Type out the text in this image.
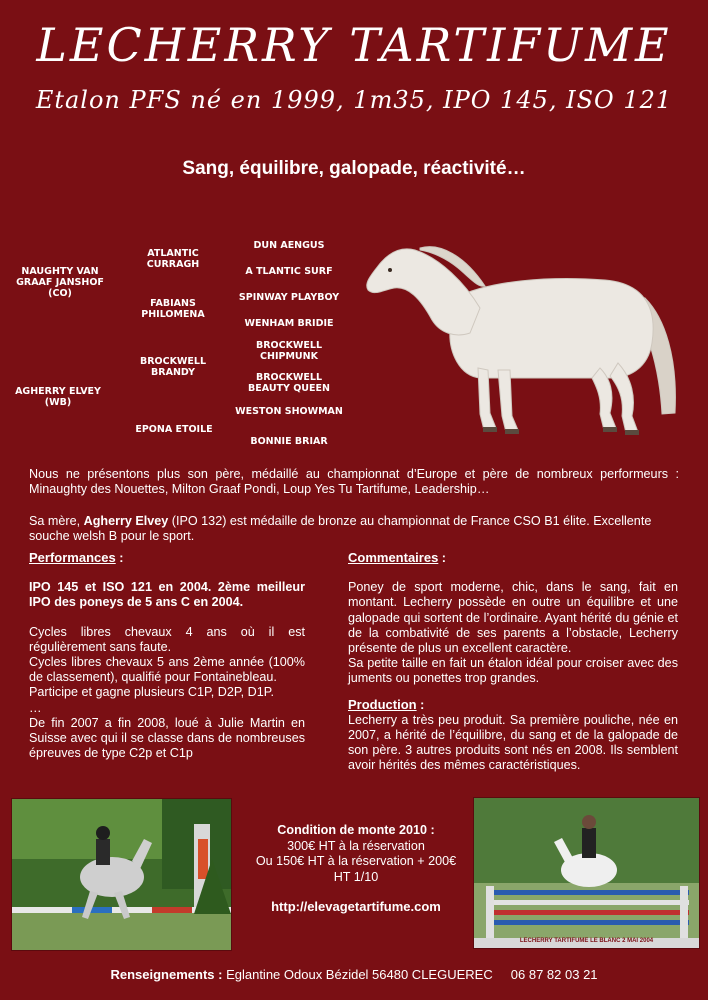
LECHERRY TARTIFUME
Etalon PFS né en 1999, 1m35, IPO 145, ISO 121
Sang, équilibre, galopade, réactivité…
NAUGHTY VAN GRAAF JANSHOF (CO)
AGHERRY ELVEY (WB)
ATLANTIC CURRAGH
FABIANS PHILOMENA
BROCKWELL BRANDY
EPONA ETOILE
DUN AENGUS
A TLANTIC SURF
SPINWAY PLAYBOY
WENHAM BRIDIE
BROCKWELL CHIPMUNK
BROCKWELL BEAUTY QUEEN
WESTON SHOWMAN
BONNIE BRIAR
Nous ne présentons plus son père, médaillé au championnat d’Europe et père de nombreux performeurs : Minaughty des Nouettes, Milton Graaf Pondi, Loup Yes Tu Tartifume, Leadership…
Sa mère, Agherry Elvey (IPO 132) est médaille de bronze au championnat de France CSO B1 élite. Excellente souche welsh B pour le sport.
Performances :
IPO 145 et ISO 121 en 2004. 2ème meilleur IPO des poneys de 5 ans C en 2004.
Cycles libres chevaux 4 ans où il est régulièrement sans faute.
Cycles libres chevaux 5 ans 2ème année (100% de classement), qualifié pour Fontainebleau.
Participe et gagne plusieurs C1P, D2P, D1P.
…
De fin 2007 a fin 2008, loué à Julie Martin en Suisse avec qui il se classe dans de nombreuses épreuves de type C2p et C1p
Commentaires :
Poney de sport moderne, chic, dans le sang, fait en montant. Lecherry possède en outre un équilibre et une galopade qui sortent de l’ordinaire. Ayant hérité du génie et de la combativité de ses parents a l’obstacle, Lecherry présente de plus un excellent caractère.
Sa petite taille en fait un étalon idéal pour croiser avec des juments ou ponettes trop grandes.
Production :
Lecherry a très peu produit. Sa première pouliche, née en 2007, a hérité de l’équilibre, du sang et de la galopade de son père. 3 autres produits sont nés en 2008. Ils semblent avoir hérités des mêmes caractéristiques.
Condition de monte 2010 :
300€ HT à la réservation
Ou 150€ HT à la réservation + 200€
HT 1/10
http://elevagetartifume.com
LECHERRY TARTIFUME LE BLANC 2 MAI 2004
Renseignements : Eglantine Odoux Bézidel 56480 CLEGUEREC 06 87 82 03 21
